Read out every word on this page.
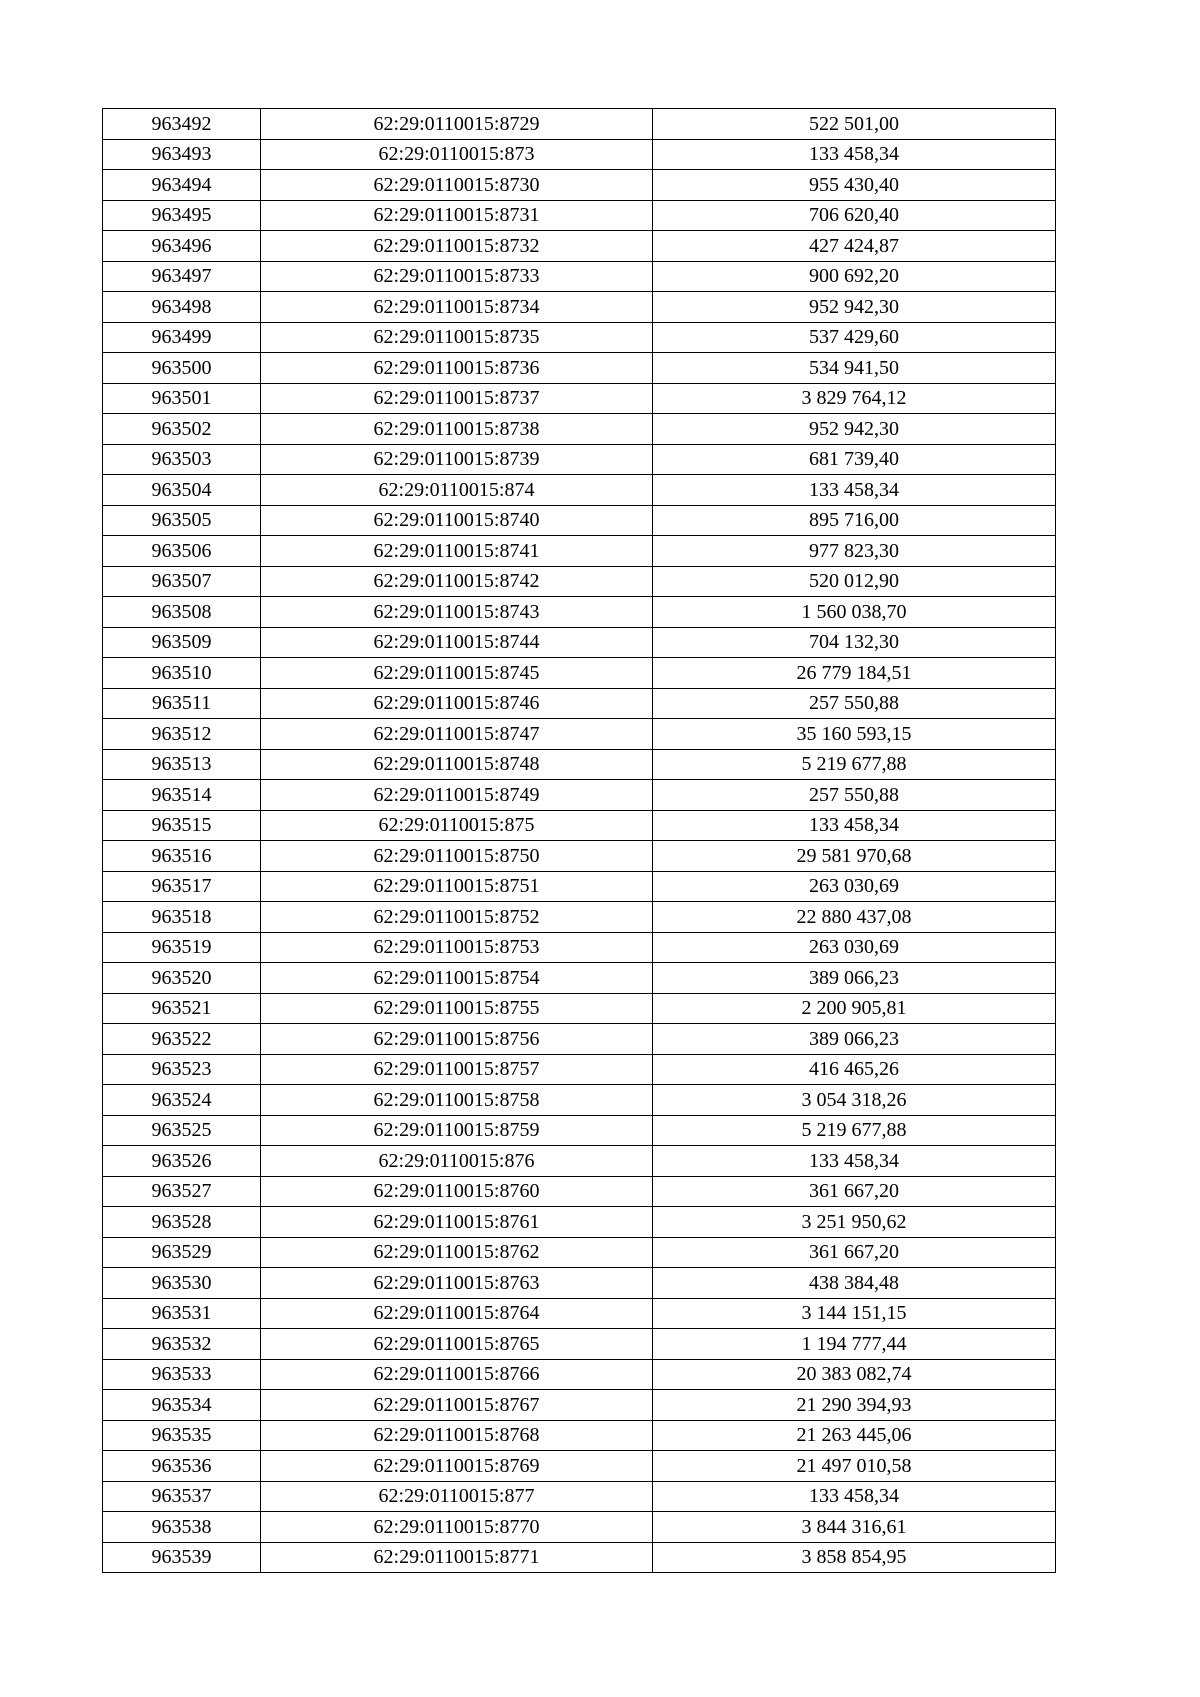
963492	62:29:0110015:8729	522 501,00
963493	62:29:0110015:873	133 458,34
963494	62:29:0110015:8730	955 430,40
963495	62:29:0110015:8731	706 620,40
963496	62:29:0110015:8732	427 424,87
963497	62:29:0110015:8733	900 692,20
963498	62:29:0110015:8734	952 942,30
963499	62:29:0110015:8735	537 429,60
963500	62:29:0110015:8736	534 941,50
963501	62:29:0110015:8737	3 829 764,12
963502	62:29:0110015:8738	952 942,30
963503	62:29:0110015:8739	681 739,40
963504	62:29:0110015:874	133 458,34
963505	62:29:0110015:8740	895 716,00
963506	62:29:0110015:8741	977 823,30
963507	62:29:0110015:8742	520 012,90
963508	62:29:0110015:8743	1 560 038,70
963509	62:29:0110015:8744	704 132,30
963510	62:29:0110015:8745	26 779 184,51
963511	62:29:0110015:8746	257 550,88
963512	62:29:0110015:8747	35 160 593,15
963513	62:29:0110015:8748	5 219 677,88
963514	62:29:0110015:8749	257 550,88
963515	62:29:0110015:875	133 458,34
963516	62:29:0110015:8750	29 581 970,68
963517	62:29:0110015:8751	263 030,69
963518	62:29:0110015:8752	22 880 437,08
963519	62:29:0110015:8753	263 030,69
963520	62:29:0110015:8754	389 066,23
963521	62:29:0110015:8755	2 200 905,81
963522	62:29:0110015:8756	389 066,23
963523	62:29:0110015:8757	416 465,26
963524	62:29:0110015:8758	3 054 318,26
963525	62:29:0110015:8759	5 219 677,88
963526	62:29:0110015:876	133 458,34
963527	62:29:0110015:8760	361 667,20
963528	62:29:0110015:8761	3 251 950,62
963529	62:29:0110015:8762	361 667,20
963530	62:29:0110015:8763	438 384,48
963531	62:29:0110015:8764	3 144 151,15
963532	62:29:0110015:8765	1 194 777,44
963533	62:29:0110015:8766	20 383 082,74
963534	62:29:0110015:8767	21 290 394,93
963535	62:29:0110015:8768	21 263 445,06
963536	62:29:0110015:8769	21 497 010,58
963537	62:29:0110015:877	133 458,34
963538	62:29:0110015:8770	3 844 316,61
963539	62:29:0110015:8771	3 858 854,95
